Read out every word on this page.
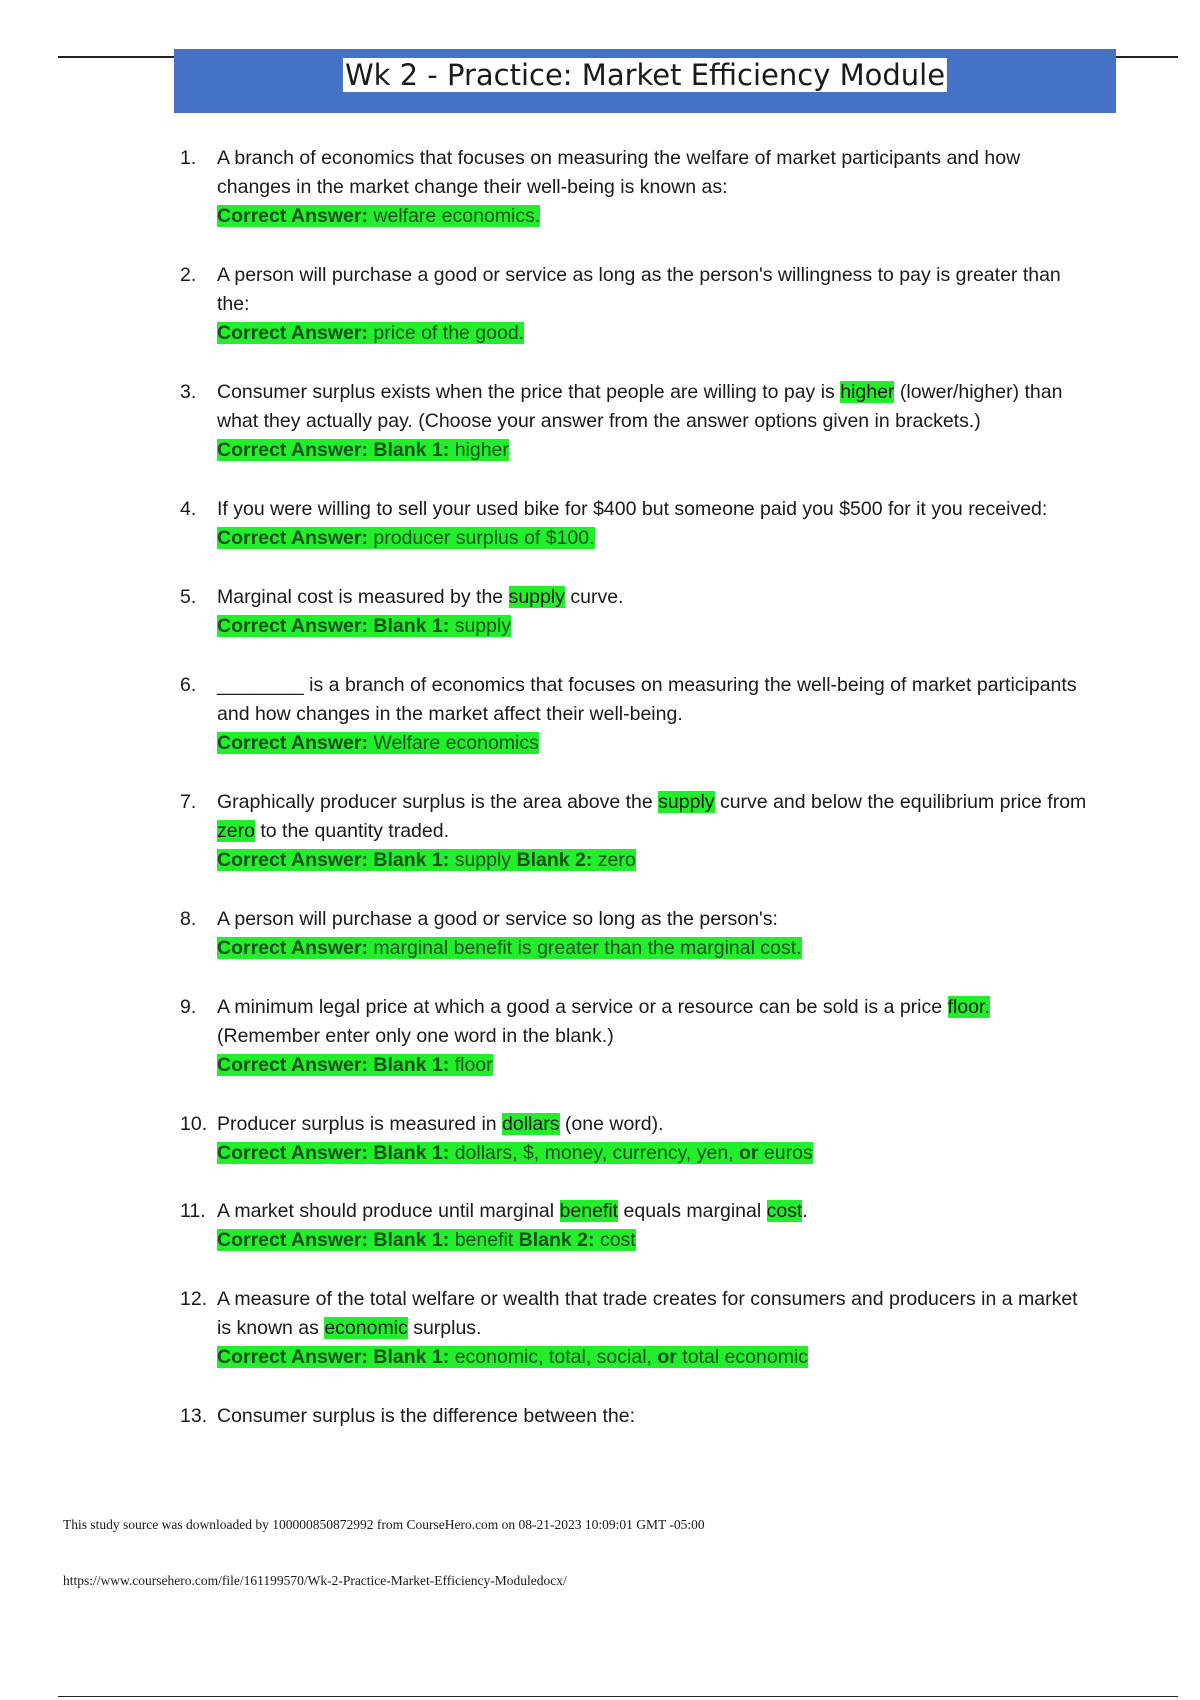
Wk 2 - Practice: Market Efficiency Module
1.	A branch of economics that focuses on measuring the welfare of market participants and how changes in the market change their well-being is known as:
Correct Answer: welfare economics.
2.	A person will purchase a good or service as long as the person's willingness to pay is greater than the:
Correct Answer: price of the good.
3.	Consumer surplus exists when the price that people are willing to pay is higher (lower/higher) than what they actually pay. (Choose your answer from the answer options given in brackets.)
Correct Answer: Blank 1: higher
4.	If you were willing to sell your used bike for $400 but someone paid you $500 for it you received:
Correct Answer: producer surplus of $100.
5.	Marginal cost is measured by the supply curve.
Correct Answer: Blank 1: supply
6.	________ is a branch of economics that focuses on measuring the well-being of market participants and how changes in the market affect their well-being.
Correct Answer: Welfare economics
7.	Graphically producer surplus is the area above the supply curve and below the equilibrium price from zero to the quantity traded.
Correct Answer: Blank 1: supply Blank 2: zero
8.	A person will purchase a good or service so long as the person's:
Correct Answer: marginal benefit is greater than the marginal cost.
9.	A minimum legal price at which a good a service or a resource can be sold is a price floor. (Remember enter only one word in the blank.)
Correct Answer: Blank 1: floor
10. Producer surplus is measured in dollars (one word).
Correct Answer: Blank 1: dollars, $, money, currency, yen, or euros
11. A market should produce until marginal benefit equals marginal cost.
Correct Answer: Blank 1: benefit Blank 2: cost
12. A measure of the total welfare or wealth that trade creates for consumers and producers in a market is known as economic surplus.
Correct Answer: Blank 1: economic, total, social, or total economic
13. Consumer surplus is the difference between the:
This study source was downloaded by 100000850872992 from CourseHero.com on 08-21-2023 10:09:01 GMT -05:00
https://www.coursehero.com/file/161199570/Wk-2-Practice-Market-Efficiency-Moduledocx/
